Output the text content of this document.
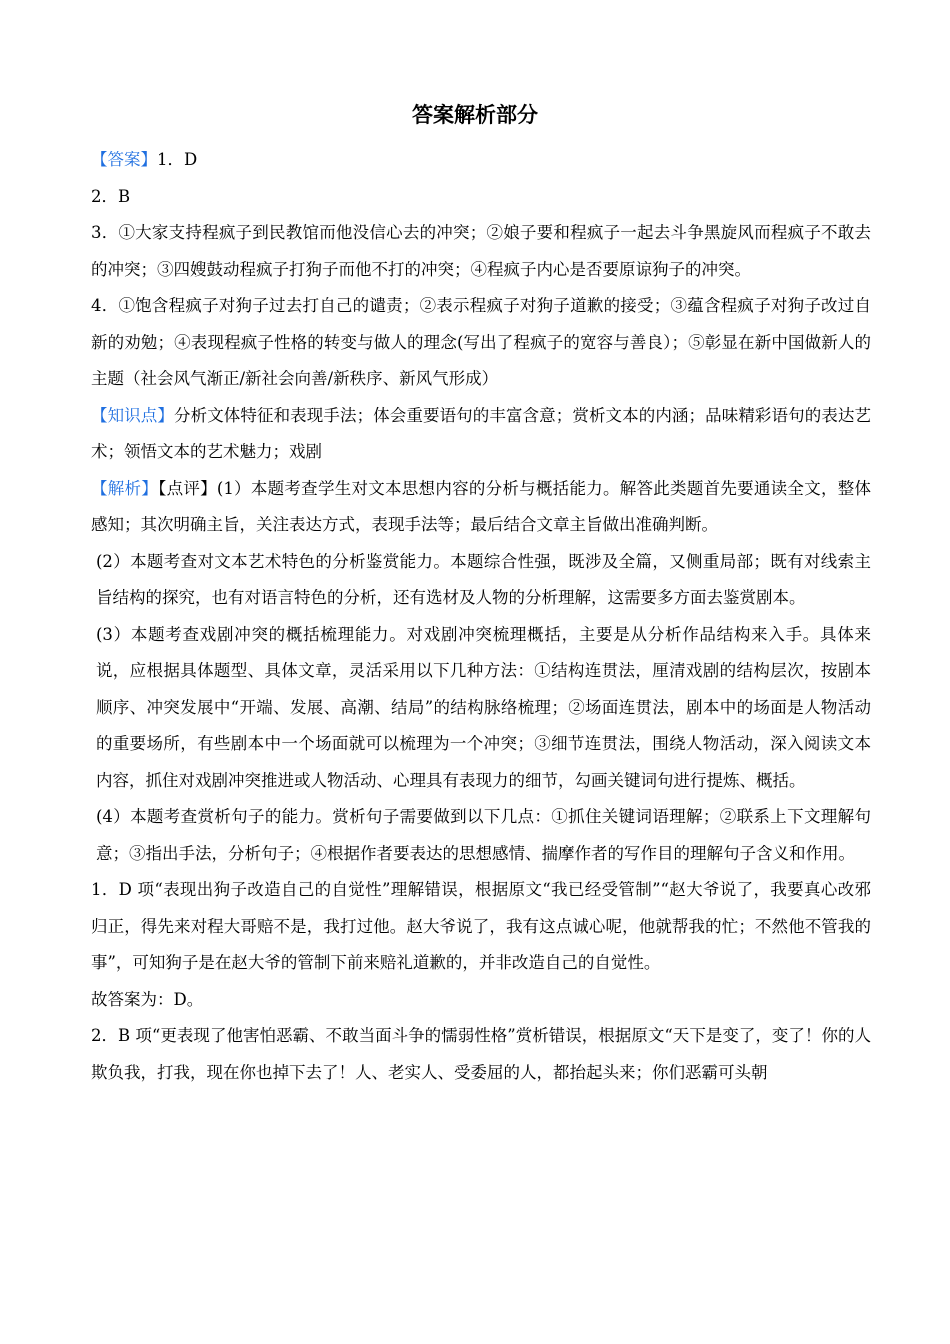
答案解析部分

【答案】1．D

2．B

3．①大家支持程疯子到民教馆而他没信心去的冲突；②娘子要和程疯子一起去斗争黑旋风而程疯子不敢去的冲突；③四嫂鼓动程疯子打狗子而他不打的冲突；④程疯子内心是否要原谅狗子的冲突。

4．①饱含程疯子对狗子过去打自己的谴责；②表示程疯子对狗子道歉的接受；③蕴含程疯子对狗子改过自新的劝勉；④表现程疯子性格的转变与做人的理念(写出了程疯子的宽容与善良）；⑤彰显在新中国做新人的主题（社会风气渐正/新社会向善/新秩序、新风气形成）

【知识点】分析文体特征和表现手法；体会重要语句的丰富含意；赏析文本的内涵；品味精彩语句的表达艺术；领悟文本的艺术魅力；戏剧

【解析】【点评】(1）本题考查学生对文本思想内容的分析与概括能力。解答此类题首先要通读全文，整体感知；其次明确主旨，关注表达方式，表现手法等；最后结合文章主旨做出准确判断。

(2）本题考查对文本艺术特色的分析鉴赏能力。本题综合性强，既涉及全篇，又侧重局部；既有对线索主旨结构的探究，也有对语言特色的分析，还有选材及人物的分析理解，这需要多方面去鉴赏剧本。

(3）本题考查戏剧冲突的概括梳理能力。对戏剧冲突梳理概括，主要是从分析作品结构来入手。具体来说，应根据具体题型、具体文章，灵活采用以下几种方法：①结构连贯法，厘清戏剧的结构层次，按剧本顺序、冲突发展中“开端、发展、高潮、结局”的结构脉络梳理；②场面连贯法，剧本中的场面是人物活动的重要场所，有些剧本中一个场面就可以梳理为一个冲突；③细节连贯法，围绕人物活动，深入阅读文本内容，抓住对戏剧冲突推进或人物活动、心理具有表现力的细节，勾画关键词句进行提炼、概括。

(4）本题考查赏析句子的能力。赏析句子需要做到以下几点：①抓住关键词语理解；②联系上下文理解句意；③指出手法，分析句子；④根据作者要表达的思想感情、揣摩作者的写作目的理解句子含义和作用。

1．D 项“表现出狗子改造自己的自觉性”理解错误，根据原文“我已经受管制”“赵大爷说了，我要真心改邪归正，得先来对程大哥赔不是，我打过他。赵大爷说了，我有这点诚心呢，他就帮我的忙；不然他不管我的事”，可知狗子是在赵大爷的管制下前来赔礼道歉的，并非改造自己的自觉性。

故答案为：D。

2．B 项“更表现了他害怕恶霸、不敢当面斗争的懦弱性格”赏析错误，根据原文“天下是变了，变了！你的人欺负我，打我，现在你也掉下去了！人、老实人、受委屈的人，都抬起头来；你们恶霸可头朝
